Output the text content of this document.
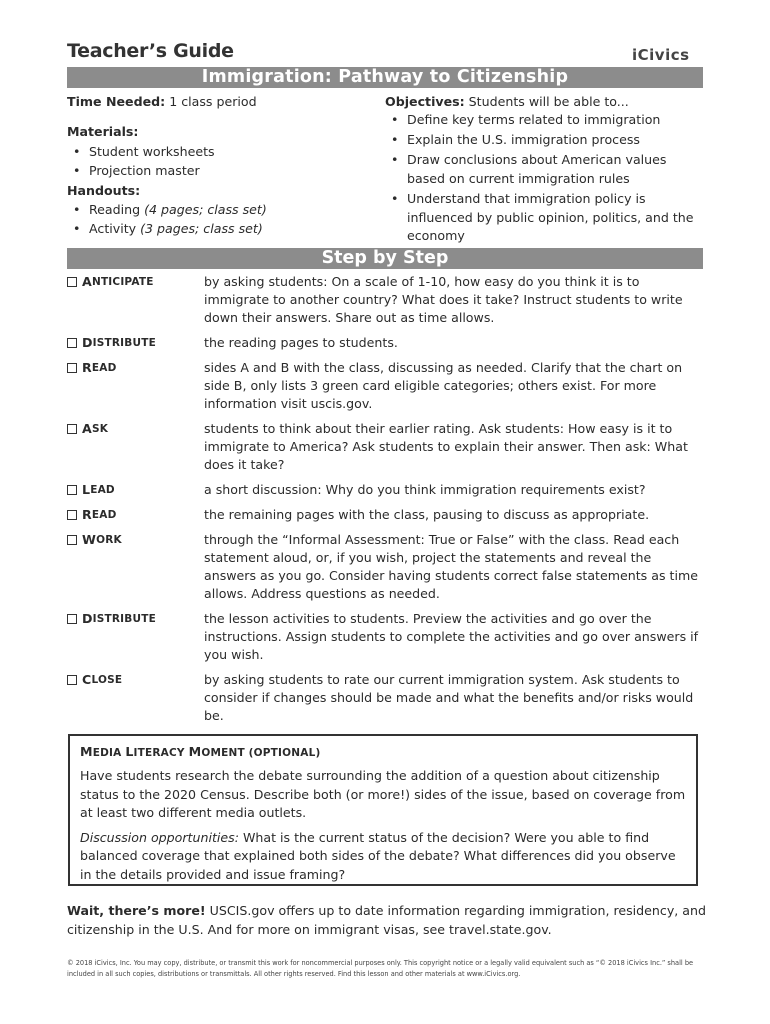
Teacher’s Guide	iCivics
Immigration: Pathway to Citizenship
Time Needed: 1 class period
Materials:
• Student worksheets
• Projection master
Handouts:
• Reading (4 pages; class set)
• Activity (3 pages; class set)
Objectives: Students will be able to...
• Define key terms related to immigration
• Explain the U.S. immigration process
• Draw conclusions about American values based on current immigration rules
• Understand that immigration policy is influenced by public opinion, politics, and the economy
Step by Step
A NTICIPATE	by asking students: On a scale of 1-10, how easy do you think it is to immigrate to another country? What does it take? Instruct students to write down their answers. Share out as time allows.
D ISTRIBUTE	the reading pages to students.
R EAD	sides A and B with the class, discussing as needed. Clarify that the chart on side B, only lists 3 green card eligible categories; others exist. For more information visit uscis.gov.
A SK	students to think about their earlier rating. Ask students: How easy is it to immigrate to America? Ask students to explain their answer. Then ask: What does it take?
L EAD	a short discussion: Why do you think immigration requirements exist?
R EAD	the remaining pages with the class, pausing to discuss as appropriate.
W ORK	through the “Informal Assessment: True or False” with the class. Read each statement aloud, or, if you wish, project the statements and reveal the answers as you go. Consider having students correct false statements as time allows. Address questions as needed.
D ISTRIBUTE	the lesson activities to students. Preview the activities and go over the instructions. Assign students to complete the activities and go over answers if you wish.
C LOSE	by asking students to rate our current immigration system. Ask students to consider if changes should be made and what the benefits and/or risks would be.
MEDIA LITERACY MOMENT (OPTIONAL)
Have students research the debate surrounding the addition of a question about citizenship status to the 2020 Census. Describe both (or more!) sides of the issue, based on coverage from at least two different media outlets.
Discussion opportunities: What is the current status of the decision? Were you able to find balanced coverage that explained both sides of the debate? What differences did you observe in the details provided and issue framing?
Wait, there’s more! USCIS.gov offers up to date information regarding immigration, residency, and citizenship in the U.S. And for more on immigrant visas, see travel.state.gov.
© 2018 iCivics, Inc. You may copy, distribute, or transmit this work for noncommercial purposes only. This copyright notice or a legally valid equivalent such as “© 2018 iCivics Inc.” shall be included in all such copies, distributions or transmittals. All other rights reserved. Find this lesson and other materials at www.iCivics.org.
